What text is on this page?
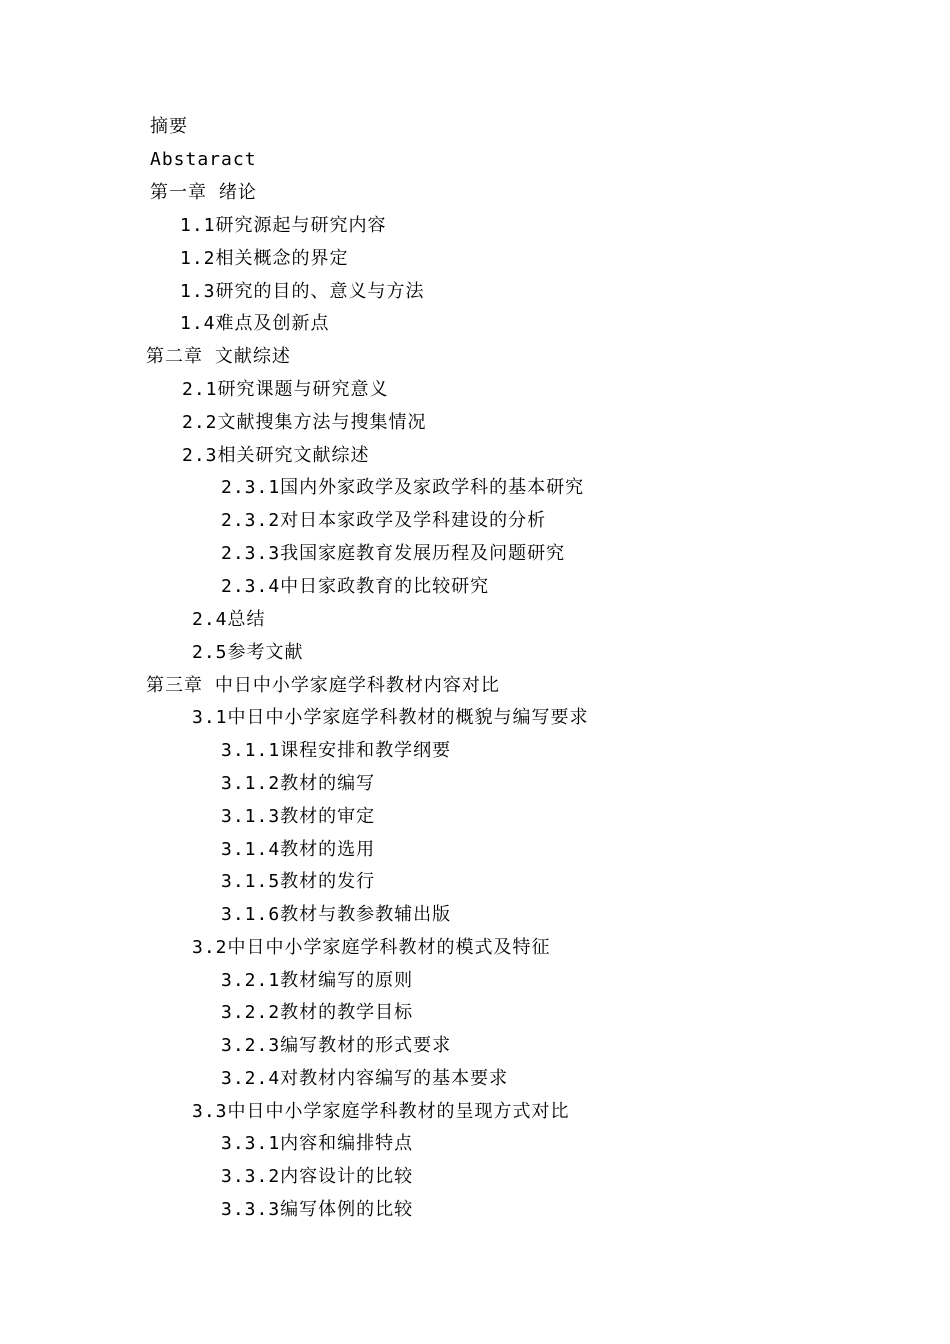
摘要
Abstaract
第一章 绪论
1.1研究源起与研究内容
1.2相关概念的界定
1.3研究的目的、意义与方法
1.4难点及创新点
第二章 文献综述
2.1研究课题与研究意义
2.2文献搜集方法与搜集情况
2.3相关研究文献综述
2.3.1国内外家政学及家政学科的基本研究
2.3.2对日本家政学及学科建设的分析
2.3.3我国家庭教育发展历程及问题研究
2.3.4中日家政教育的比较研究
2.4总结
2.5参考文献
第三章 中日中小学家庭学科教材内容对比
3.1中日中小学家庭学科教材的概貌与编写要求
3.1.1课程安排和教学纲要
3.1.2教材的编写
3.1.3教材的审定
3.1.4教材的选用
3.1.5教材的发行
3.1.6教材与教参教辅出版
3.2中日中小学家庭学科教材的模式及特征
3.2.1教材编写的原则
3.2.2教材的教学目标
3.2.3编写教材的形式要求
3.2.4对教材内容编写的基本要求
3.3中日中小学家庭学科教材的呈现方式对比
3.3.1内容和编排特点
3.3.2内容设计的比较
3.3.3编写体例的比较
